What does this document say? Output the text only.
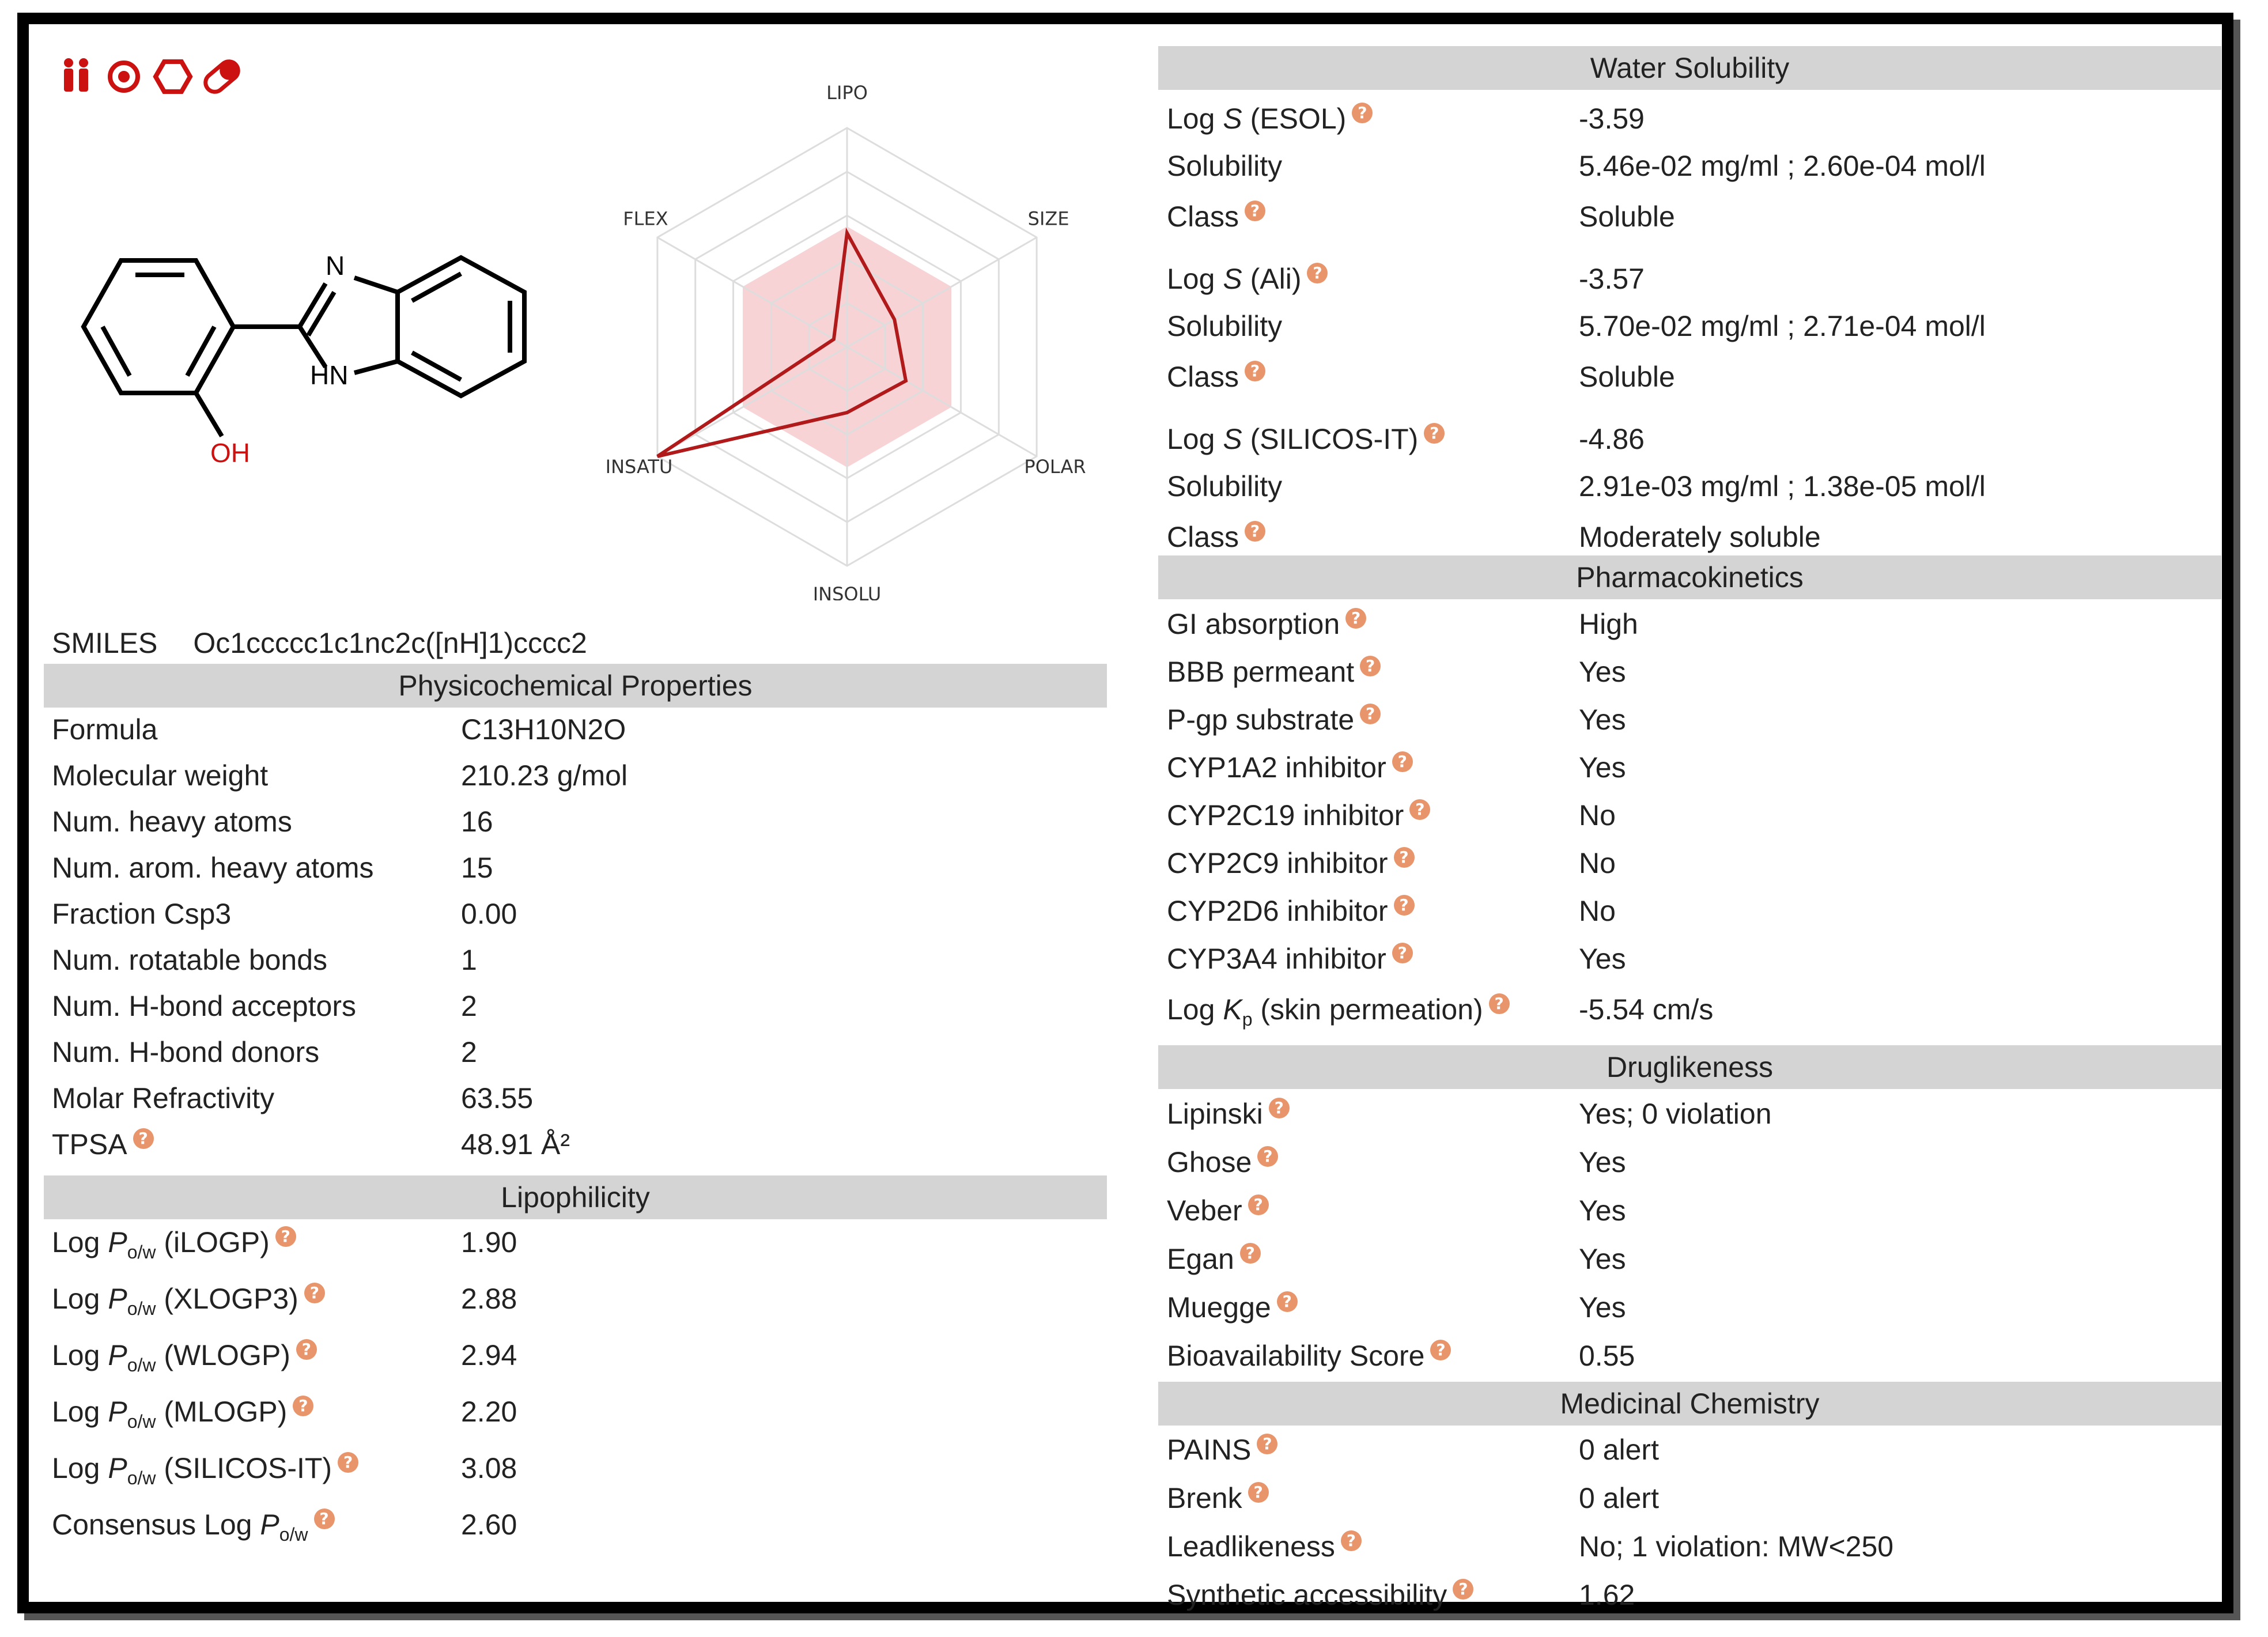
N
HN
OH
LIPO
SIZE
POLAR
INSOLU
INSATU
FLEX
SMILES Oc1ccccc1c1nc2c([nH]1)cccc2
Physicochemical Properties
Lipophilicity
Water Solubility
Pharmacokinetics
Druglikeness
Medicinal Chemistry
Formula	C13H10N2O
Molecular weight	210.23 g/mol
Num. heavy atoms	16
Num. arom. heavy atoms	15
Fraction Csp3	0.00
Num. rotatable bonds	1
Num. H-bond acceptors	2
Num. H-bond donors	2
Molar Refractivity	63.55
TPSA ?	48.91 Å²
Log $P_{o/w}$ (iLOGP) ?	1.90
Log $P_{o/w}$ (XLOGP3) ?	2.88
Log $P_{o/w}$ (WLOGP) ?	2.94
Log $P_{o/w}$ (MLOGP) ?	2.20
Log $P_{o/w}$ (SILICOS-IT) ?	3.08
Consensus Log $P_{o/w}$?	2.60
Log S (ESOL) ?	-3.59
Solubility	5.46e-02 mg/ml ; 2.60e-04 mol/l
Class ?	Soluble
Log S (Ali) ?	-3.57
Solubility	5.70e-02 mg/ml ; 2.71e-04 mol/l
Class ?	Soluble
Log S (SILICOS-IT) ?	-4.86
Solubility	2.91e-03 mg/ml ; 1.38e-05 mol/l
Class ?	Moderately soluble
GI absorption ?	High
BBB permeant ?	Yes
P-gp substrate ?	Yes
CYP1A2 inhibitor ?	Yes
CYP2C19 inhibitor ?	No
CYP2C9 inhibitor ?	No
CYP2D6 inhibitor ?	No
CYP3A4 inhibitor ?	Yes
Log $K_p$ (skin permeation) ?	-5.54 cm/s
Lipinski ?	Yes; 0 violation
Ghose ?	Yes
Veber ?	Yes
Egan ?	Yes
Muegge ?	Yes
Bioavailability Score ?	0.55
PAINS ?	0 alert
Brenk ?	0 alert
Leadlikeness ?	No; 1 violation: MW<250
Synthetic accessibility ?	1.62
